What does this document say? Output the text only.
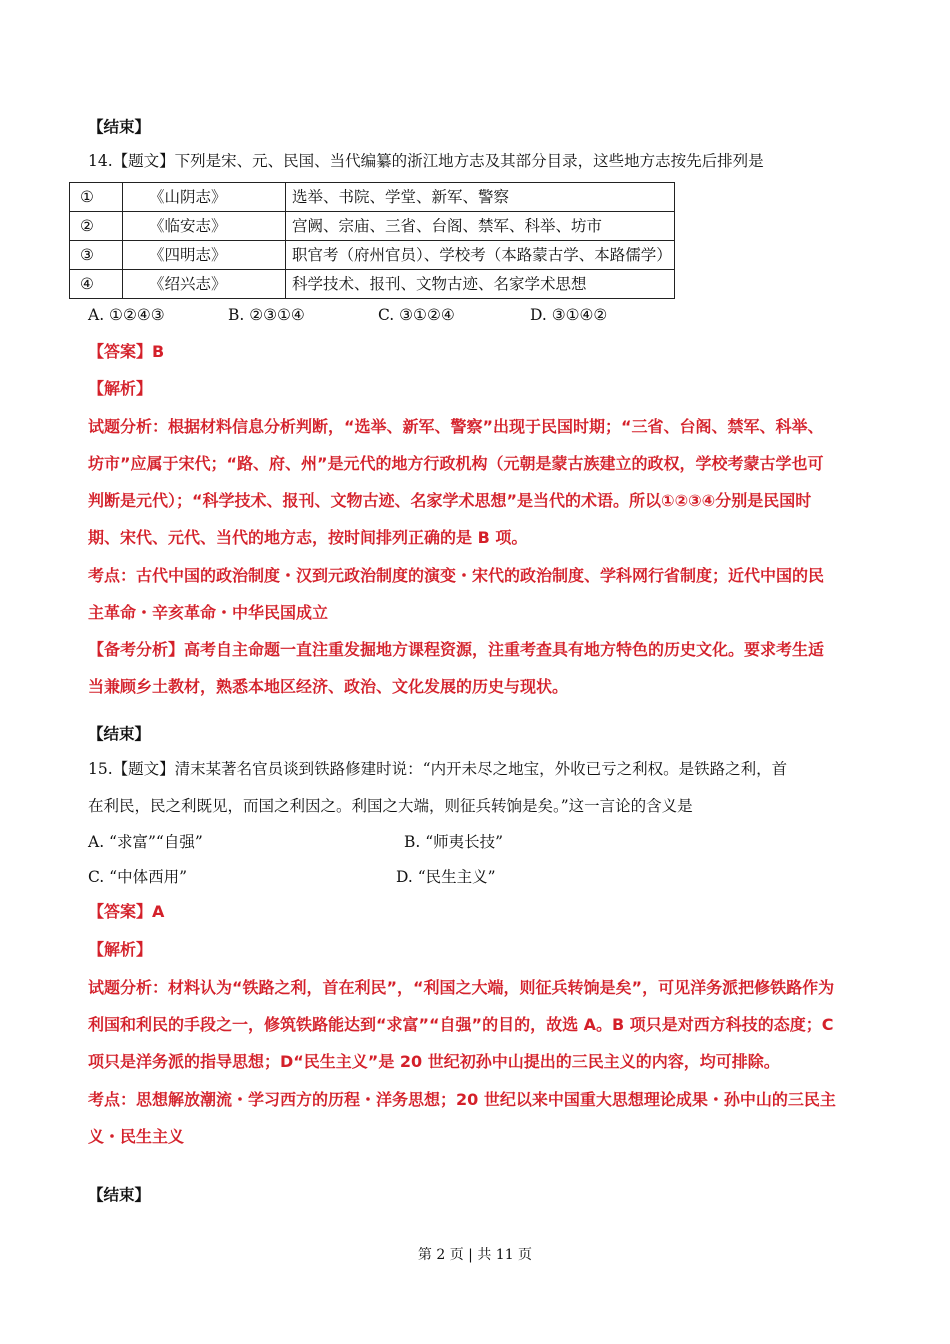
【结束】
14.【题文】下列是宋、元、民国、当代编纂的浙江地方志及其部分目录，这些地方志按先后排列是
①	《山阴志》	选举、书院、学堂、新军、警察
②	《临安志》	宫阙、宗庙、三省、台阁、禁军、科举、坊市
③	《四明志》	职官考（府州官员）、学校考（本路蒙古学、本路儒学）
④	《绍兴志》	科学技术、报刊、文物古迹、名家学术思想
A. ①②④③	B. ②③①④	C. ③①②④	D. ③①④②
【答案】B
【解析】
试题分析：根据材料信息分析判断，“选举、新军、警察”出现于民国时期；“三省、台阁、禁军、科举、
坊市”应属于宋代；“路、府、州”是元代的地方行政机构（元朝是蒙古族建立的政权，学校考蒙古学也可
判断是元代）；“科学技术、报刊、文物古迹、名家学术思想”是当代的术语。所以①②③④分别是民国时
期、宋代、元代、当代的地方志，按时间排列正确的是 B 项。
考点：古代中国的政治制度・汉到元政治制度的演变・宋代的政治制度、学科网行省制度；近代中国的民
主革命・辛亥革命・中华民国成立
【备考分析】高考自主命题一直注重发掘地方课程资源，注重考查具有地方特色的历史文化。要求考生适
当兼顾乡土教材，熟悉本地区经济、政治、文化发展的历史与现状。
【结束】
15.【题文】清末某著名官员谈到铁路修建时说：“内开未尽之地宝，外收已亏之利权。是铁路之利，首
在利民，民之利既见，而国之利因之。利国之大端，则征兵转饷是矣。”这一言论的含义是
A. “求富”“自强”	B. “师夷长技”
C. “中体西用”	D. “民生主义”
【答案】A
【解析】
试题分析：材料认为“铁路之利，首在利民”，“利国之大端，则征兵转饷是矣”，可见洋务派把修铁路作为
利国和利民的手段之一，修筑铁路能达到“求富”“自强”的目的，故选 A。B 项只是对西方科技的态度；C
项只是洋务派的指导思想；D“民生主义”是 20 世纪初孙中山提出的三民主义的内容，均可排除。
考点：思想解放潮流・学习西方的历程・洋务思想；20 世纪以来中国重大思想理论成果・孙中山的三民主
义・民生主义
【结束】
第 2 页 | 共 11 页
